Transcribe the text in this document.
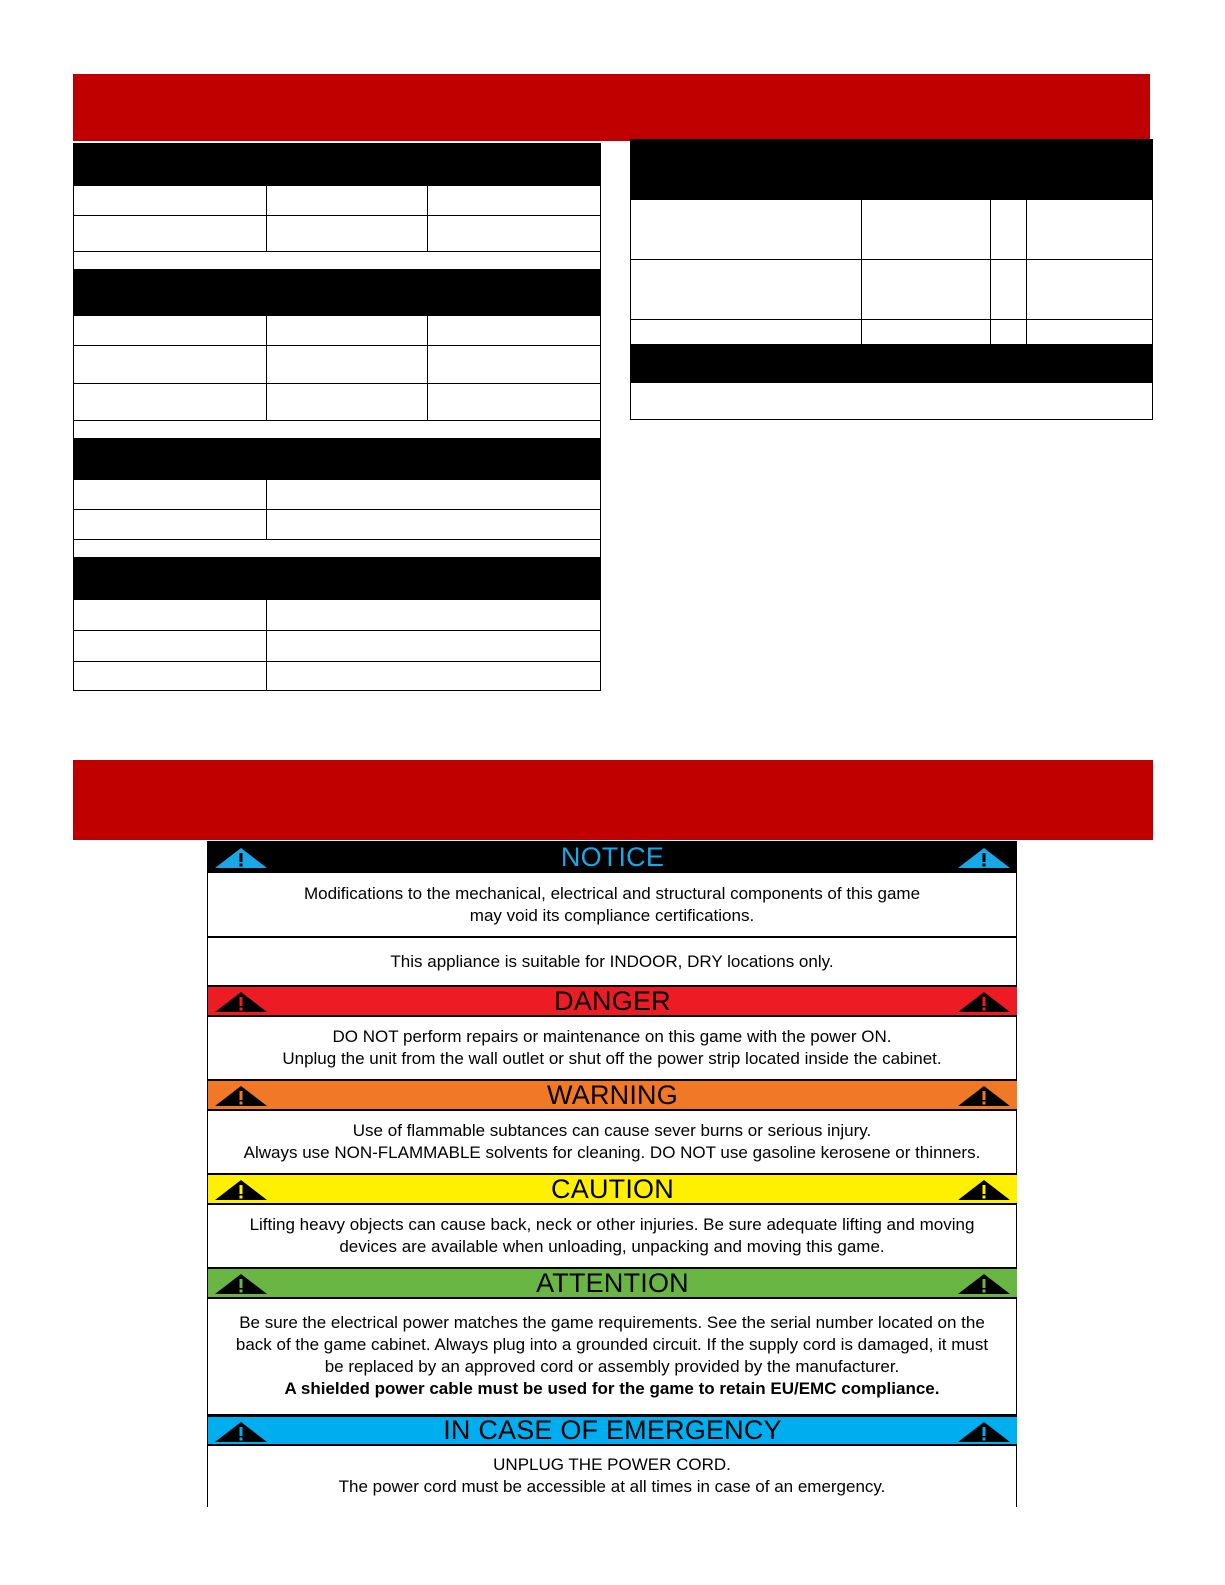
NOTICE
Modifications to the mechanical, electrical and structural components of this game
may void its compliance certifications.
This appliance is suitable for INDOOR, DRY locations only.
DANGER
DO NOT perform repairs or maintenance on this game with the power ON.
Unplug the unit from the wall outlet or shut off the power strip located inside the cabinet.
WARNING
Use of flammable subtances can cause sever burns or serious injury.
Always use NON-FLAMMABLE solvents for cleaning. DO NOT use gasoline kerosene or thinners.
CAUTION
Lifting heavy objects can cause back, neck or other injuries. Be sure adequate lifting and moving
devices are available when unloading, unpacking and moving this game.
ATTENTION
Be sure the electrical power matches the game requirements. See the serial number located on the
back of the game cabinet. Always plug into a grounded circuit. If the supply cord is damaged, it must
be replaced by an approved cord or assembly provided by the manufacturer.
A shielded power cable must be used for the game to retain EU/EMC compliance.
IN CASE OF EMERGENCY
UNPLUG THE POWER CORD.
The power cord must be accessible at all times in case of an emergency.
